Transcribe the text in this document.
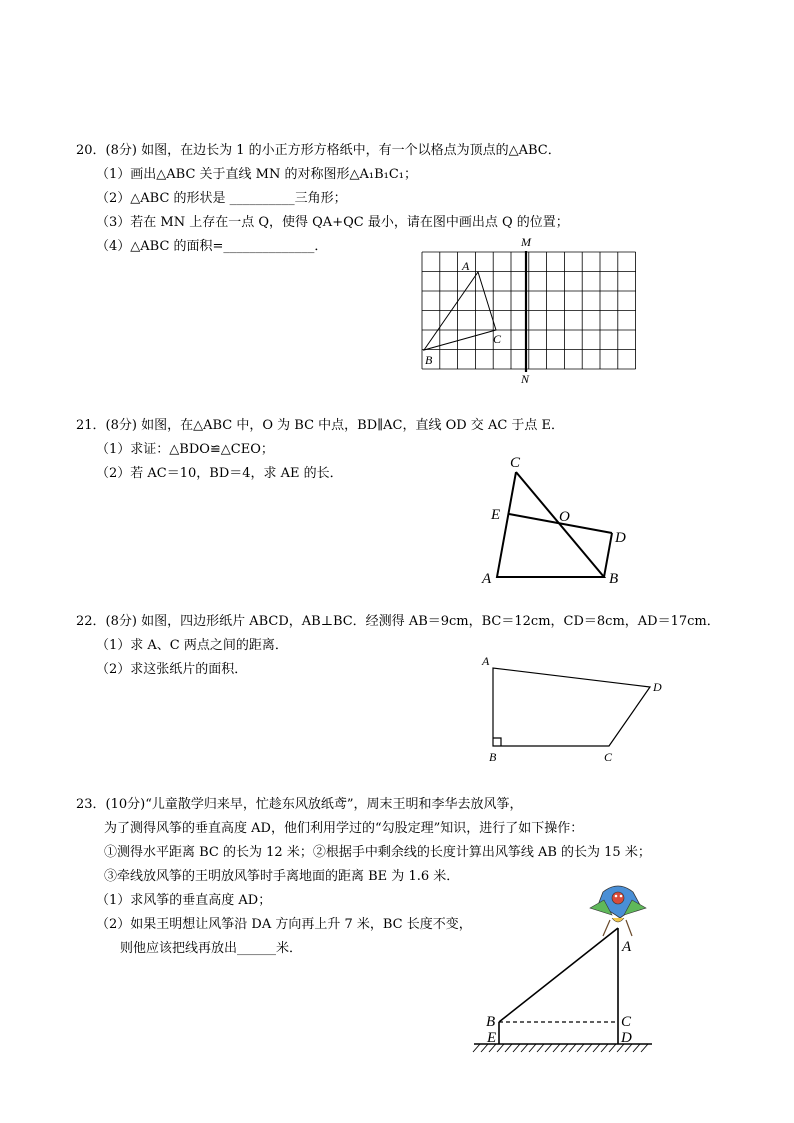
20．(8分) 如图，在边长为 1 的小正方形方格纸中，有一个以格点为顶点的△ABC．
（1）画出△ABC 关于直线 MN 的对称图形△A₁B₁C₁；
（2）△ABC 的形状是 __________三角形；
（3）若在 MN 上存在一点 Q，使得 QA+QC 最小，请在图中画出点 Q 的位置；
（4）△ABC 的面积=______________．
21．(8分) 如图，在△ABC 中，O 为 BC 中点，BD∥AC，直线 OD 交 AC 于点 E．
（1）求证：△BDO≌△CEO；
（2）若 AC＝10，BD＝4，求 AE 的长．
22．(8分) 如图，四边形纸片 ABCD，AB⊥BC．经测得 AB＝9cm，BC＝12cm，CD＝8cm，AD＝17cm．
（1）求 A、C 两点之间的距离．
（2）求这张纸片的面积．
23．(10分)“儿童散学归来早，忙趁东风放纸鸢”，周末王明和李华去放风筝，
为了测得风筝的垂直高度 AD，他们利用学过的“勾股定理”知识，进行了如下操作：
①测得水平距离 BC 的长为 12 米；②根据手中剩余线的长度计算出风筝线 AB 的长为 15 米；
③牵线放风筝的王明放风筝时手离地面的距离 BE 为 1.6 米．
（1）求风筝的垂直高度 AD；
（2）如果王明想让风筝沿 DA 方向再上升 7 米，BC 长度不变，
则他应该把线再放出______米．
M
N
A
B
C
C
E	O
D
A	B
A
B	C
D
A
B	C
E	D
